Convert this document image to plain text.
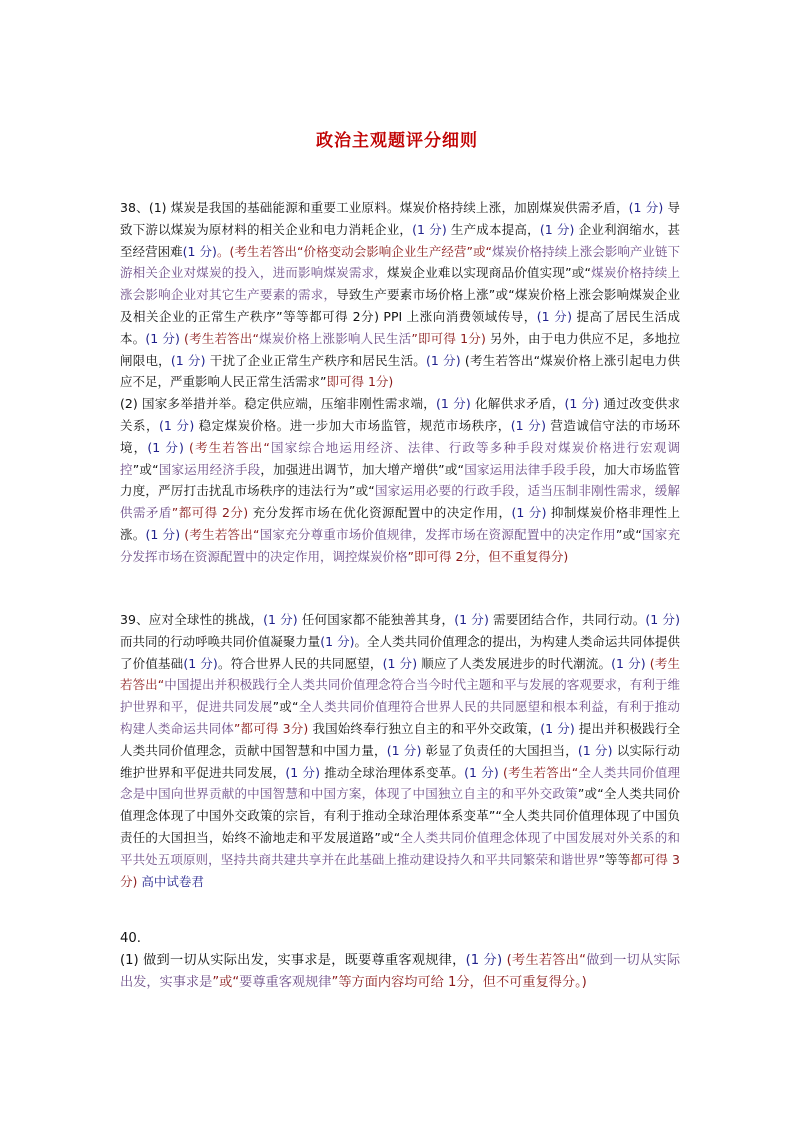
政治主观题评分细则
38、(1) 煤炭是我国的基础能源和重要工业原料。煤炭价格持续上涨，加剧煤炭供需矛盾，(1 分) 导致下游以煤炭为原材料的相关企业和电力消耗企业，(1 分) 生产成本提高，(1 分) 企业利润缩水，甚至经营困难(1 分)。(考生若答出“价格变动会影响企业生产经营”或“煤炭价格持续上涨会影响产业链下游相关企业对煤炭的投入，进而影响煤炭需求，煤炭企业难以实现商品价值实现”或“煤炭价格持续上涨会影响企业对其它生产要素的需求，导致生产要素市场价格上涨”或“煤炭价格上涨会影响煤炭企业及相关企业的正常生产秩序”等等都可得 2分) PPI 上涨向消费领域传导，(1 分) 提高了居民生活成本。(1 分) (考生若答出“煤炭价格上涨影响人民生活”即可得 1分) 另外，由于电力供应不足，多地拉闸限电，(1 分) 干扰了企业正常生产秩序和居民生活。(1 分) (考生若答出“煤炭价格上涨引起电力供应不足，严重影响人民正常生活需求”即可得 1分)
(2) 国家多举措并举。稳定供应端，压缩非刚性需求端，(1 分) 化解供求矛盾，(1 分) 通过改变供求关系，(1 分) 稳定煤炭价格。进一步加大市场监管，规范市场秩序，(1 分) 营造诚信守法的市场环境，(1 分) (考生若答出“国家综合地运用经济、法律、行政等多种手段对煤炭价格进行宏观调控”或“国家运用经济手段，加强进出调节，加大增产增供”或“国家运用法律手段手段，加大市场监管力度，严厉打击扰乱市场秩序的违法行为”或“国家运用必要的行政手段，适当压制非刚性需求，缓解供需矛盾”都可得 2分) 充分发挥市场在优化资源配置中的决定作用，(1 分) 抑制煤炭价格非理性上涨。(1 分) (考生若答出“国家充分尊重市场价值规律，发挥市场在资源配置中的决定作用”或“国家充分发挥市场在资源配置中的决定作用，调控煤炭价格”即可得 2分，但不重复得分)
39、应对全球性的挑战，(1 分) 任何国家都不能独善其身，(1 分) 需要团结合作，共同行动。(1 分) 而共同的行动呼唤共同价值凝聚力量(1 分)。全人类共同价值理念的提出，为构建人类命运共同体提供了价值基础(1 分)。符合世界人民的共同愿望，(1 分) 顺应了人类发展进步的时代潮流。(1 分) (考生若答出“中国提出并积极践行全人类共同价值理念符合当今时代主题和平与发展的客观要求，有利于维护世界和平，促进共同发展”或“全人类共同价值理符合世界人民的共同愿望和根本利益，有利于推动构建人类命运共同体”都可得 3分) 我国始终奉行独立自主的和平外交政策，(1 分) 提出并积极践行全人类共同价值理念，贡献中国智慧和中国力量，(1 分) 彰显了负责任的大国担当，(1 分) 以实际行动维护世界和平促进共同发展，(1 分) 推动全球治理体系变革。(1 分) (考生若答出“全人类共同价值理念是中国向世界贡献的中国智慧和中国方案，体现了中国独立自主的和平外交政策”或“全人类共同价值理念体现了中国外交政策的宗旨，有利于推动全球治理体系变革”“全人类共同价值理体现了中国负责任的大国担当，始终不渝地走和平发展道路”或“全人类共同价值理念体现了中国发展对外关系的和平共处五项原则，坚持共商共建共享并在此基础上推动建设持久和平共同繁荣和谐世界”等等都可得 3分) 高中试卷君
40.
(1) 做到一切从实际出发，实事求是，既要尊重客观规律，(1 分) (考生若答出“做到一切从实际出发，实事求是”或“要尊重客观规律”等方面内容均可给 1分，但不可重复得分。)
